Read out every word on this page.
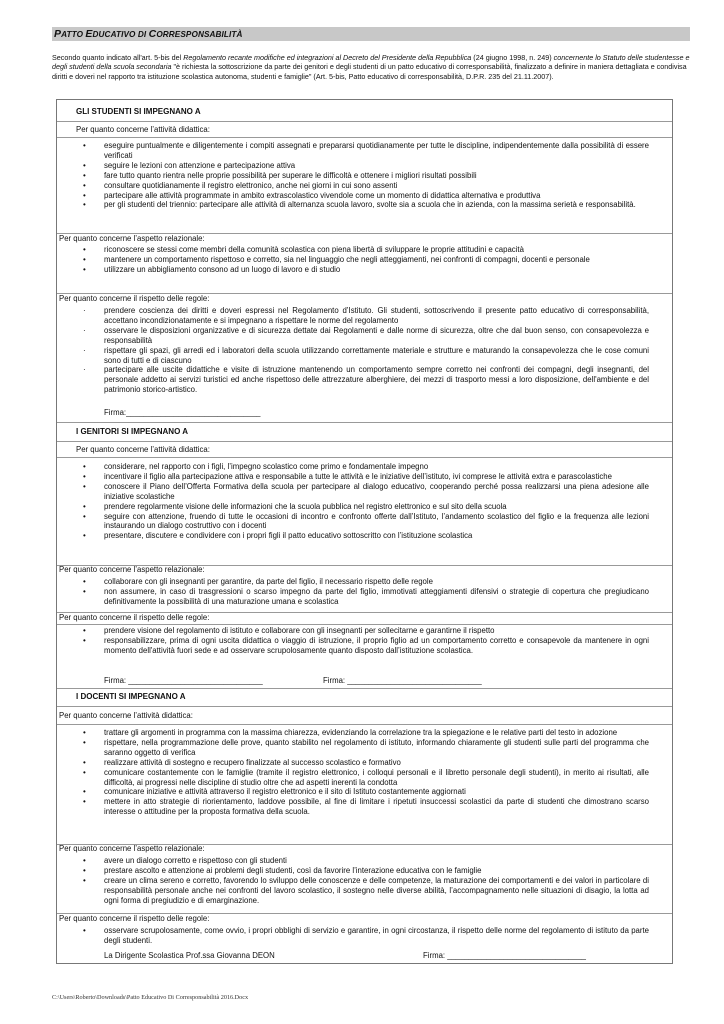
PATTO EDUCATIVO DI CORRESPONSABILITÀ
Secondo quanto indicato all'art. 5-bis del Regolamento recante modifiche ed integrazioni al Decreto del Presidente della Repubblica (24 giugno 1998, n. 249) concernente lo Statuto delle studentesse e degli studenti della scuola secondaria "è richiesta la sottoscrizione da parte dei genitori e degli studenti di un patto educativo di corresponsabilità, finalizzato a definire in maniera dettagliata e condivisa diritti e doveri nel rapporto tra istituzione scolastica autonoma, studenti e famiglie" (Art. 5-bis, Patto educativo di corresponsabilità, D.P.R. 235 del 21.11.2007).
GLI STUDENTI SI IMPEGNANO A
Per quanto concerne l’attività didattica:
• eseguire puntualmente e diligentemente i compiti assegnati e prepararsi quotidianamente per tutte le discipline, indipendentemente dalla possibilità di essere verificati
• seguire le lezioni con attenzione e partecipazione attiva
• fare tutto quanto rientra nelle proprie possibilità per superare le difficoltà e ottenere i migliori risultati possibili
• consultare quotidianamente il registro elettronico, anche nei giorni in cui sono assenti
• partecipare alle attività programmate in ambito extrascolastico vivendole come un momento di didattica alternativa e produttiva
• per gli studenti del triennio: partecipare alle attività di alternanza scuola lavoro, svolte sia a scuola che in azienda, con la massima serietà e responsabilità.
Per quanto concerne l’aspetto relazionale:
• riconoscere se stessi come membri della comunità scolastica con piena libertà di sviluppare le proprie attitudini e capacità
• mantenere un comportamento rispettoso e corretto, sia nel linguaggio che negli atteggiamenti, nei confronti di compagni, docenti e personale
• utilizzare un abbigliamento consono ad un luogo di lavoro e di studio
Per quanto concerne il rispetto delle regole:
· prendere coscienza dei diritti e doveri espressi nel Regolamento d’Istituto. Gli studenti, sottoscrivendo il presente patto educativo di corresponsabilità, accettano incondizionatamente e si impegnano a rispettare le norme del regolamento
· osservare le disposizioni organizzative e di sicurezza dettate dai Regolamenti e dalle norme di sicurezza, oltre che dal buon senso, con consapevolezza e responsabilità
· rispettare gli spazi, gli arredi ed i laboratori della scuola utilizzando correttamente materiale e strutture e maturando la consapevolezza che le cose comuni sono di tutti e di ciascuno
· partecipare alle uscite didattiche e visite di istruzione mantenendo un comportamento sempre corretto nei confronti dei compagni, degli insegnanti, del personale addetto ai servizi turistici ed anche rispettoso delle attrezzature alberghiere, dei mezzi di trasporto messi a loro disposizione, dell'ambiente e del patrimonio storico-artistico.
Firma:_______________________________
I GENITORI SI IMPEGNANO A
Per quanto concerne l’attività didattica:
• considerare, nel rapporto con i figli, l’impegno scolastico come primo e fondamentale impegno
• incentivare il figlio alla partecipazione attiva e responsabile a tutte le attività e le iniziative dell’istituto, ivi comprese le attività extra e parascolastiche
• conoscere il Piano dell’Offerta Formativa della scuola per partecipare al dialogo educativo, cooperando perché possa realizzarsi una piena adesione alle iniziative scolastiche
• prendere regolarmente visione delle informazioni che la scuola pubblica nel registro elettronico e sul sito della scuola
• seguire con attenzione, fruendo di tutte le occasioni di incontro e confronto offerte dall’Istituto, l’andamento scolastico del figlio e la frequenza alle lezioni instaurando un dialogo costruttivo con i docenti
• presentare, discutere e condividere con i propri figli il patto educativo sottoscritto con l’istituzione scolastica
Per quanto concerne l’aspetto relazionale:
• collaborare con gli insegnanti per garantire, da parte del figlio, il necessario rispetto delle regole
• non assumere, in caso di trasgressioni o scarso impegno da parte del figlio, immotivati atteggiamenti difensivi o strategie di copertura che pregiudicano definitivamente la possibilità di una maturazione umana e scolastica
Per quanto concerne il rispetto delle regole:
• prendere visione del regolamento di istituto e collaborare con gli insegnanti per sollecitarne e garantirne il rispetto
• responsabilizzare, prima di ogni uscita didattica o viaggio di istruzione, il proprio figlio ad un comportamento corretto e consapevole da mantenere in ogni momento dell'attività fuori sede e ad osservare scrupolosamente quanto disposto dall’istituzione scolastica.
Firma: _______________________________	Firma: _______________________________
I DOCENTI SI IMPEGNANO A
Per quanto concerne l’attività didattica:
• trattare gli argomenti in programma con la massima chiarezza, evidenziando la correlazione tra la spiegazione e le relative parti del testo in adozione
• rispettare, nella programmazione delle prove, quanto stabilito nel regolamento di istituto, informando chiaramente gli studenti sulle parti del programma che saranno oggetto di verifica
• realizzare attività di sostegno e recupero finalizzate al successo scolastico e formativo
• comunicare costantemente con le famiglie (tramite il registro elettronico, i colloqui personali e il libretto personale degli studenti), in merito ai risultati, alle difficoltà, ai progressi nelle discipline di studio oltre che ad aspetti inerenti la condotta
• comunicare iniziative e attività attraverso il registro elettronico e il sito di Istituto costantemente aggiornati
• mettere in atto strategie di riorientamento, laddove possibile, al fine di limitare i ripetuti insuccessi scolastici da parte di studenti che dimostrano scarso interesse o attitudine per la proposta formativa della scuola.
Per quanto concerne l’aspetto relazionale:
• avere un dialogo corretto e rispettoso con gli studenti
• prestare ascolto e attenzione ai problemi degli studenti, così da favorire l’interazione educativa con le famiglie
• creare un clima sereno e corretto, favorendo lo sviluppo delle conoscenze e delle competenze, la maturazione dei comportamenti e dei valori in particolare di responsabilità personale anche nei confronti del lavoro scolastico, il sostegno nelle diverse abilità, l’accompagnamento nelle situazioni di disagio, la lotta ad ogni forma di pregiudizio e di emarginazione.
Per quanto concerne il rispetto delle regole:
• osservare scrupolosamente, come ovvio, i propri obblighi di servizio e garantire, in ogni circostanza, il rispetto delle norme del regolamento di istituto da parte degli studenti.
La Dirigente Scolastica Prof.ssa Giovanna DEON	Firma: ________________________________
C:\Users\Roberto\Downloads\Patto Educativo Di Corresponsabilità 2016.Docx
